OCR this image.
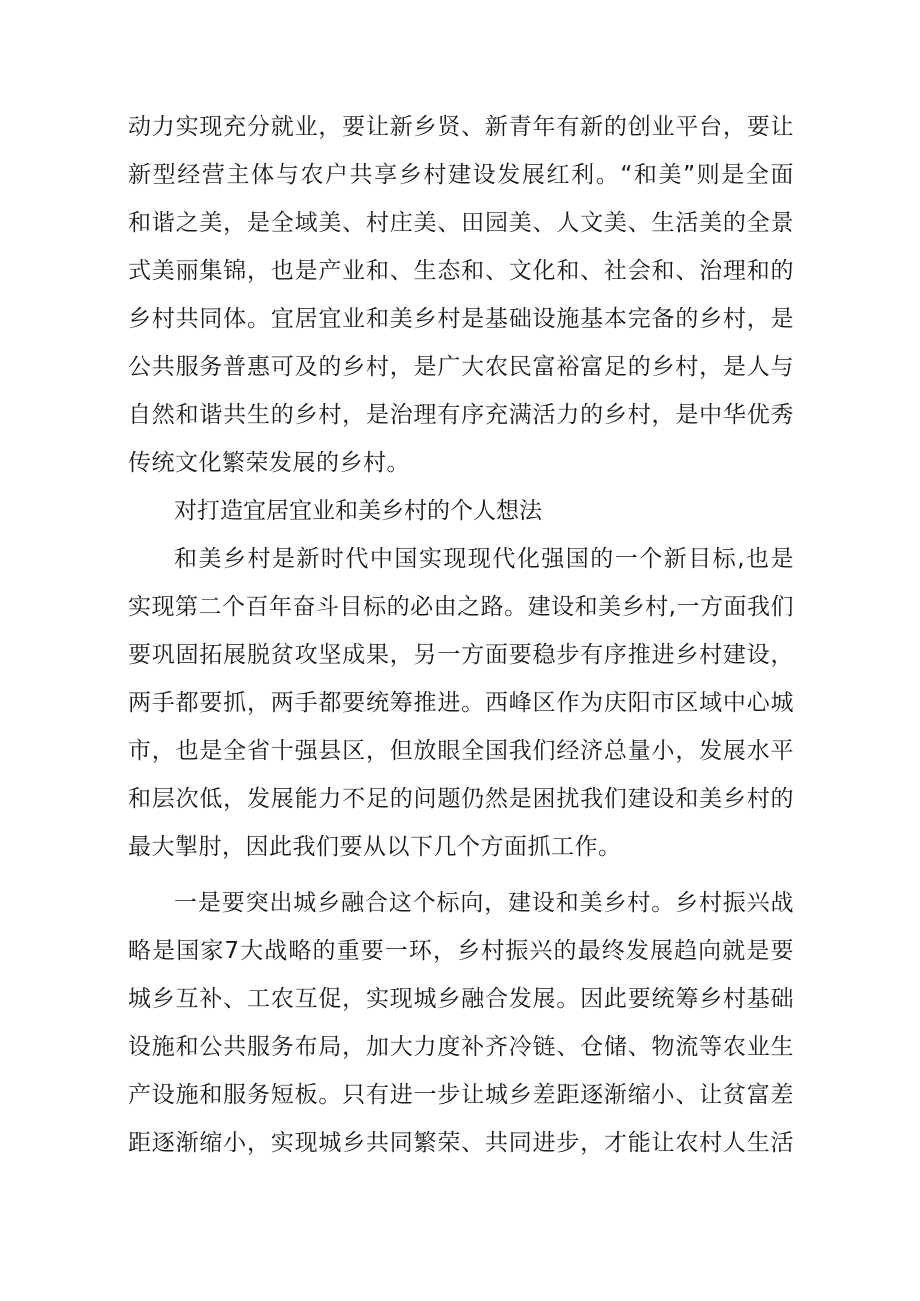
动力实现充分就业，要让新乡贤、新青年有新的创业平台，要让
新型经营主体与农户共享乡村建设发展红利。“和美”则是全面
和谐之美，是全域美、村庄美、田园美、人文美、生活美的全景
式美丽集锦，也是产业和、生态和、文化和、社会和、治理和的
乡村共同体。宜居宜业和美乡村是基础设施基本完备的乡村，是
公共服务普惠可及的乡村，是广大农民富裕富足的乡村，是人与
自然和谐共生的乡村，是治理有序充满活力的乡村，是中华优秀
传统文化繁荣发展的乡村。
对打造宜居宜业和美乡村的个人想法
和美乡村是新时代中国实现现代化强国的一个新目标,也是
实现第二个百年奋斗目标的必由之路。建设和美乡村,一方面我们
要巩固拓展脱贫攻坚成果，另一方面要稳步有序推进乡村建设，
两手都要抓，两手都要统筹推进。西峰区作为庆阳市区域中心城
市，也是全省十强县区，但放眼全国我们经济总量小，发展水平
和层次低，发展能力不足的问题仍然是困扰我们建设和美乡村的
最大掣肘，因此我们要从以下几个方面抓工作。
一是要突出城乡融合这个标向，建设和美乡村。乡村振兴战
略是国家7大战略的重要一环，乡村振兴的最终发展趋向就是要
城乡互补、工农互促，实现城乡融合发展。因此要统筹乡村基础
设施和公共服务布局，加大力度补齐冷链、仓储、物流等农业生
产设施和服务短板。只有进一步让城乡差距逐渐缩小、让贫富差
距逐渐缩小，实现城乡共同繁荣、共同进步，才能让农村人生活
